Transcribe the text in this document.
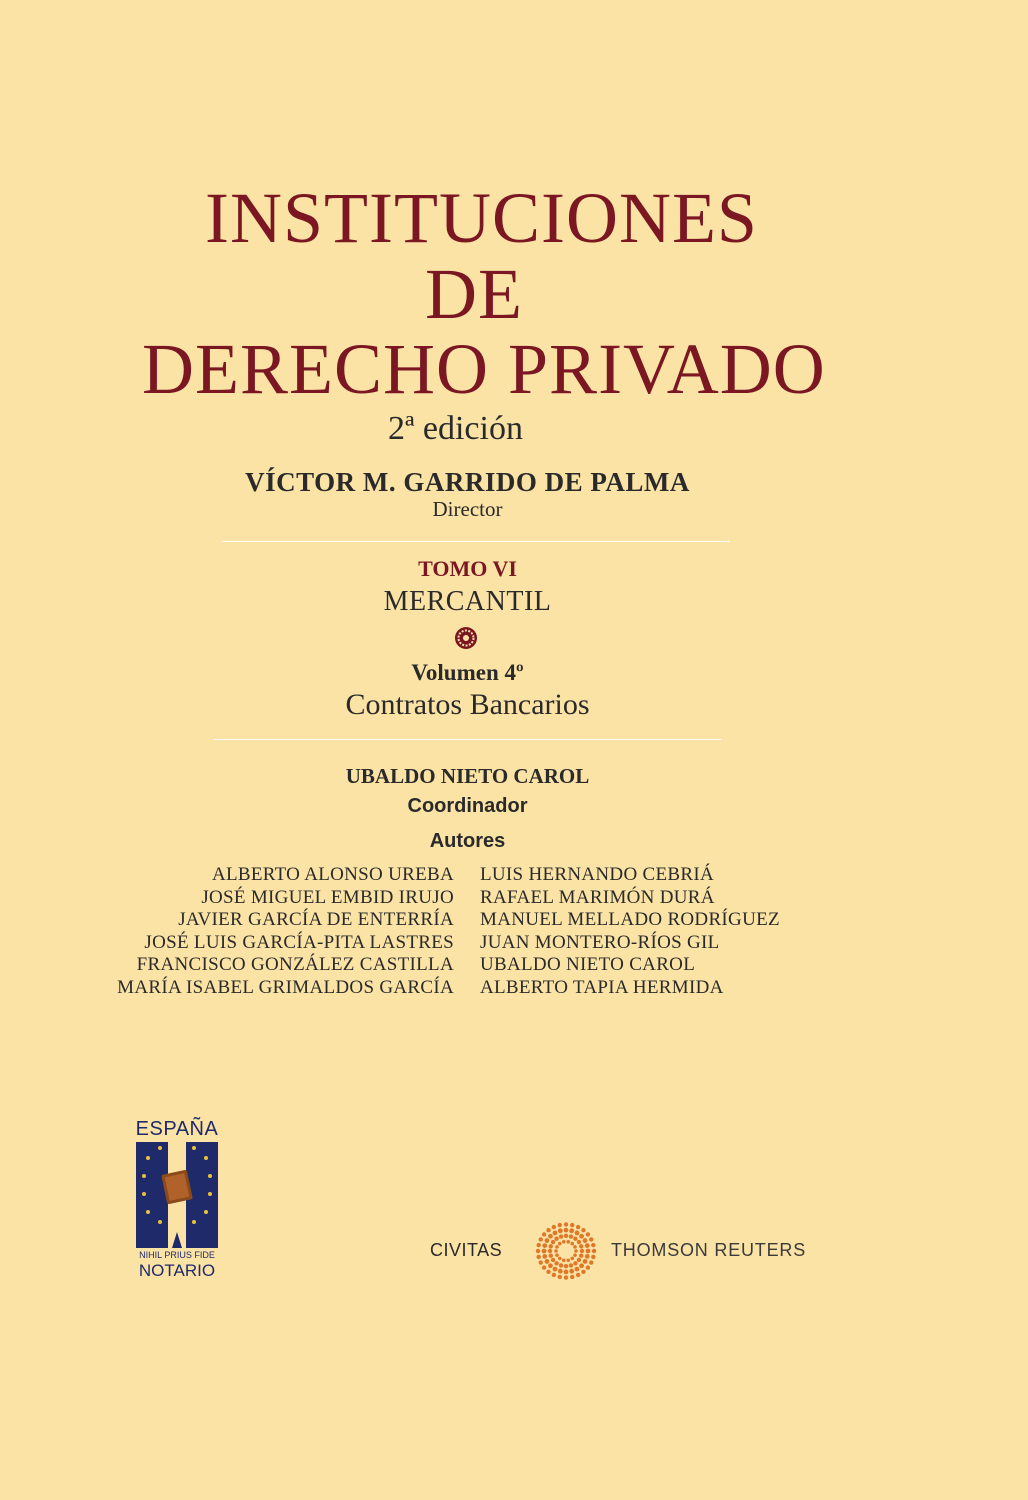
INSTITUCIONES
DE
DERECHO PRIVADO
2ª edición
VÍCTOR M. GARRIDO DE PALMA
Director
TOMO VI
MERCANTIL
Volumen 4º
Contratos Bancarios
UBALDO NIETO CAROL
Coordinador
Autores
ALBERTO ALONSO UREBA
JOSÉ MIGUEL EMBID IRUJO
JAVIER GARCÍA DE ENTERRÍA
JOSÉ LUIS GARCÍA-PITA LASTRES
FRANCISCO GONZÁLEZ CASTILLA
MARÍA ISABEL GRIMALDOS GARCÍA
LUIS HERNANDO CEBRIÁ
RAFAEL MARIMÓN DURÁ
MANUEL MELLADO RODRÍGUEZ
JUAN MONTERO-RÍOS GIL
UBALDO NIETO CAROL
ALBERTO TAPIA HERMIDA
ESPAÑA
NIHIL PRIUS FIDE
NOTARIO
CIVITAS	THOMSON REUTERS
